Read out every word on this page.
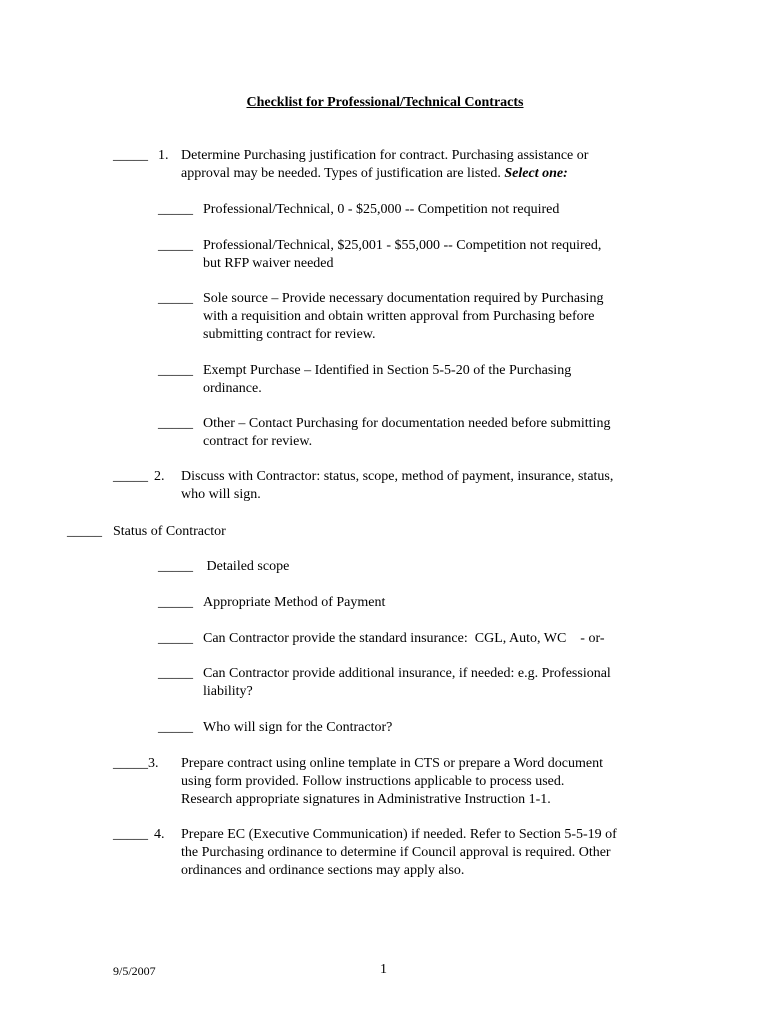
Checklist for Professional/Technical Contracts
_____ 1. Determine Purchasing justification for contract. Purchasing assistance or
approval may be needed. Types of justification are listed. Select one:
_____ Professional/Technical, 0 - $25,000 -- Competition not required
_____ Professional/Technical, $25,001 - $55,000 -- Competition not required,
but RFP waiver needed
_____ Sole source – Provide necessary documentation required by Purchasing
with a requisition and obtain written approval from Purchasing before
submitting contract for review.
_____ Exempt Purchase – Identified in Section 5-5-20 of the Purchasing
ordinance.
_____ Other – Contact Purchasing for documentation needed before submitting
contract for review.
_____ 2. Discuss with Contractor: status, scope, method of payment, insurance, status,
who will sign.
_____ Status of Contractor
_____ Detailed scope
_____ Appropriate Method of Payment
_____ Can Contractor provide the standard insurance:  CGL, Auto, WC    - or-
_____ Can Contractor provide additional insurance, if needed: e.g. Professional
liability?
_____ Who will sign for the Contractor?
_____3. Prepare contract using online template in CTS or prepare a Word document
using form provided. Follow instructions applicable to process used.
Research appropriate signatures in Administrative Instruction 1-1.
_____ 4. Prepare EC (Executive Communication) if needed. Refer to Section 5-5-19 of
the Purchasing ordinance to determine if Council approval is required. Other
ordinances and ordinance sections may apply also.
9/5/2007	1
